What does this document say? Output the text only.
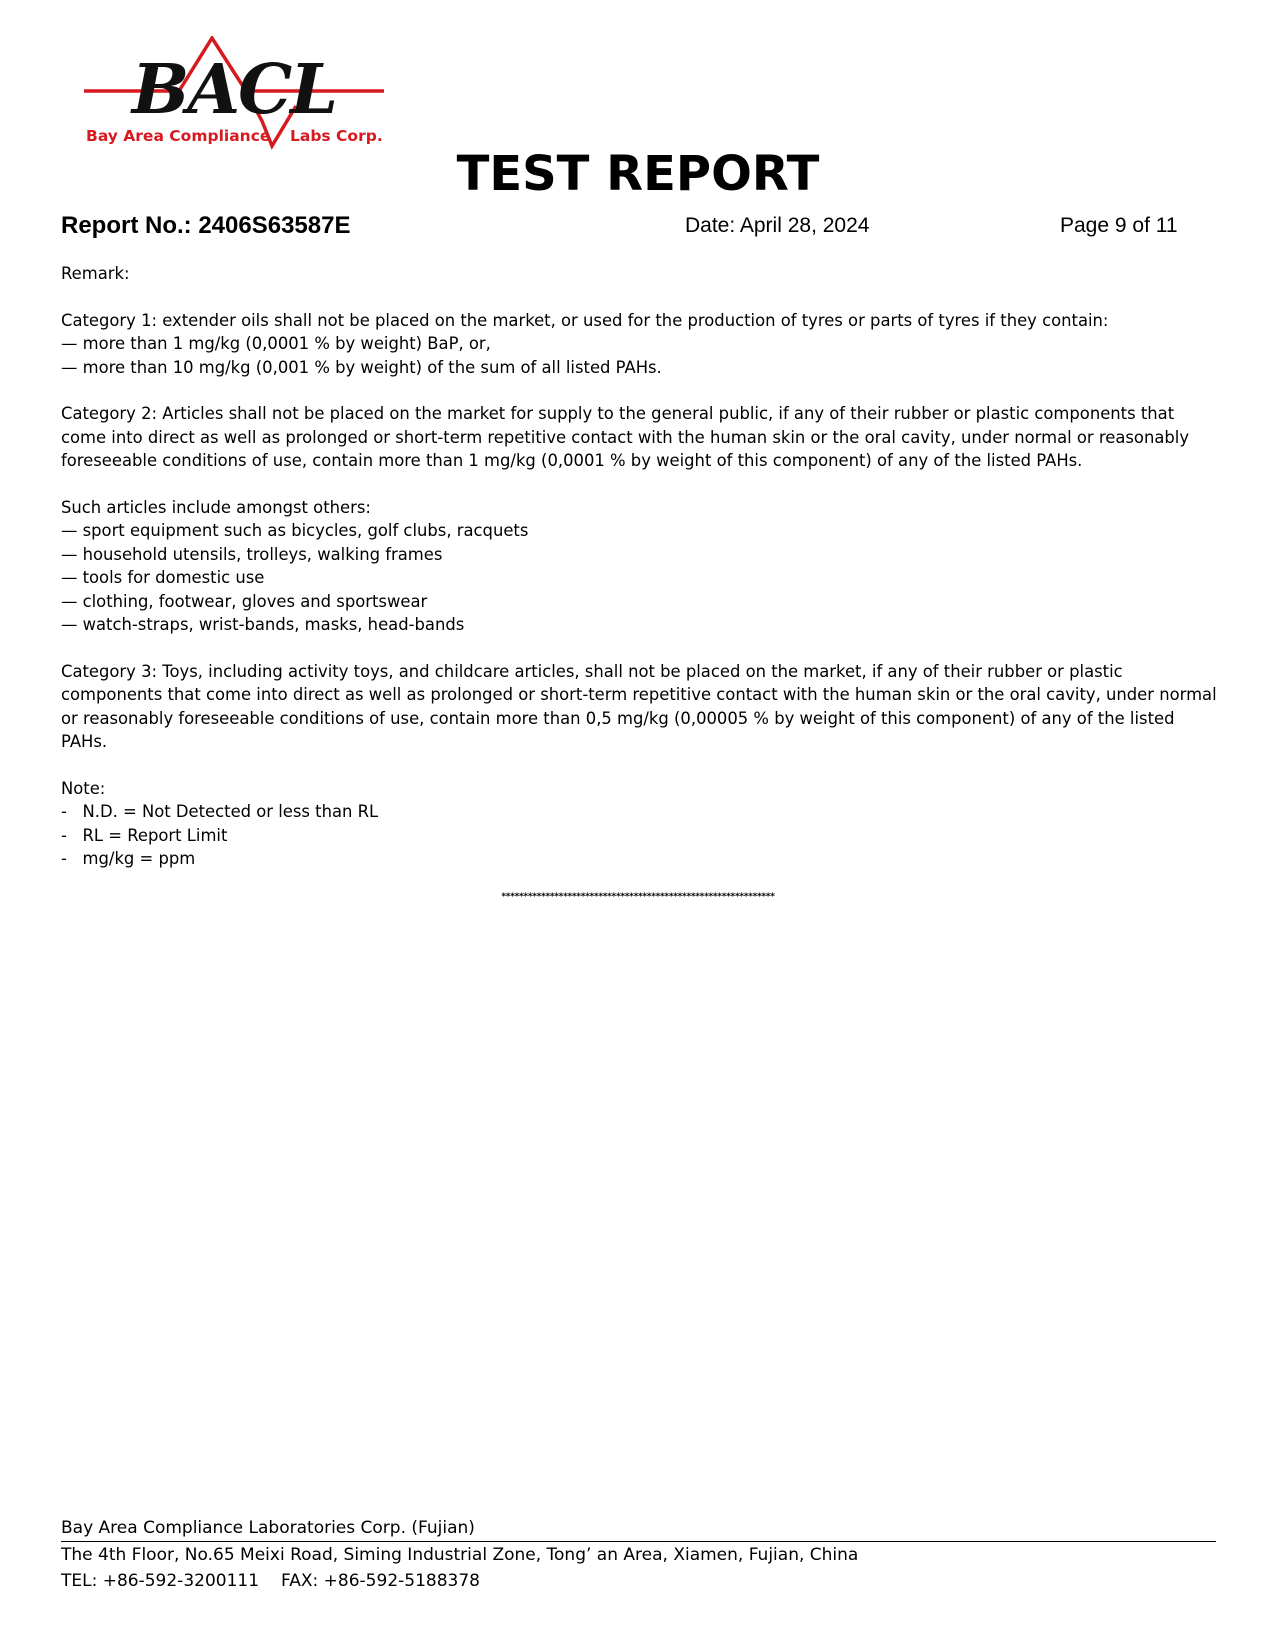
BACL
Bay Area Compliance Labs Corp.
TEST REPORT
Report No.: 2406S63587E	Date: April 28, 2024	Page 9 of 11

Remark:

Category 1: extender oils shall not be placed on the market, or used for the production of tyres or parts of tyres if they contain:

— more than 1 mg/kg (0,0001 % by weight) BaP, or,

— more than 10 mg/kg (0,001 % by weight) of the sum of all listed PAHs.

Category 2: Articles shall not be placed on the market for supply to the general public, if any of their rubber or plastic components that come into direct as well as prolonged or short-term repetitive contact with the human skin or the oral cavity, under normal or reasonably foreseeable conditions of use, contain more than 1 mg/kg (0,0001 % by weight of this component) of any of the listed PAHs.

Such articles include amongst others:

— sport equipment such as bicycles, golf clubs, racquets

— household utensils, trolleys, walking frames

— tools for domestic use

— clothing, footwear, gloves and sportswear

— watch-straps, wrist-bands, masks, head-bands

Category 3: Toys, including activity toys, and childcare articles, shall not be placed on the market, if any of their rubber or plastic components that come into direct as well as prolonged or short-term repetitive contact with the human skin or the oral cavity, under normal or reasonably foreseeable conditions of use, contain more than 0,5 mg/kg (0,00005 % by weight of this component) of any of the listed PAHs.

Note:

-   N.D. = Not Detected or less than RL

-   RL = Report Limit

-   mg/kg = ppm

**************************************************************
Bay Area Compliance Laboratories Corp. (Fujian)
The 4th Floor, No.65 Meixi Road, Siming Industrial Zone, Tong’ an Area, Xiamen, Fujian, China
TEL: +86-592-3200111 FAX: +86-592-5188378
